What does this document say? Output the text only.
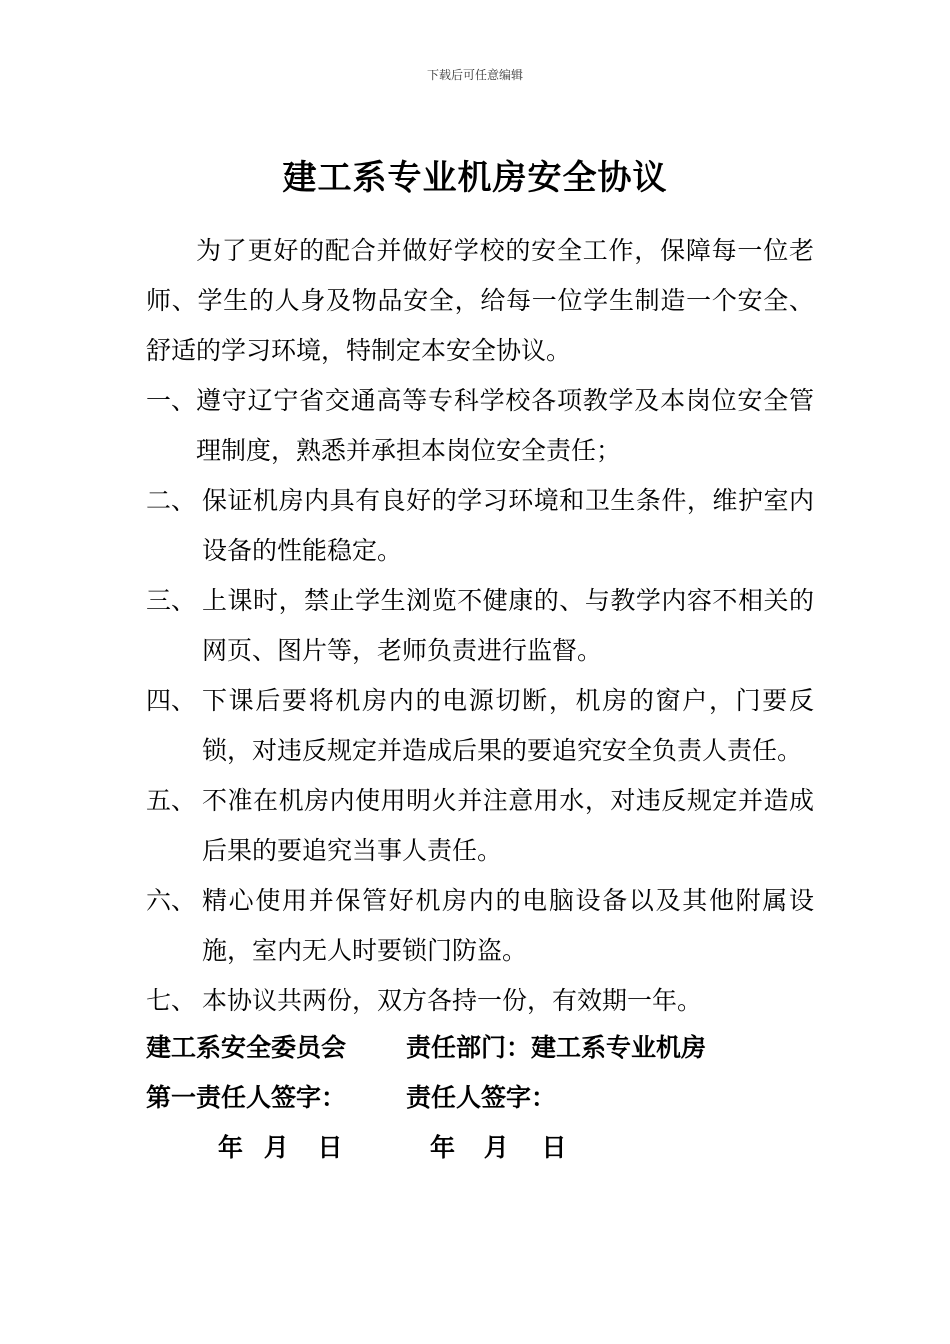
下载后可任意编辑
建工系专业机房安全协议
为了更好的配合并做好学校的安全工作，保障每一位老师、学生的人身及物品安全，给每一位学生制造一个安全、舒适的学习环境，特制定本安全协议。
一、 遵守辽宁省交通高等专科学校各项教学及本岗位安全管理制度，熟悉并承担本岗位安全责任；
二、 保证机房内具有良好的学习环境和卫生条件，维护室内设备的性能稳定。
三、 上课时，禁止学生浏览不健康的、与教学内容不相关的网页、图片等，老师负责进行监督。
四、 下课后要将机房内的电源切断，机房的窗户，门要反锁，对违反规定并造成后果的要追究安全负责人责任。
五、 不准在机房内使用明火并注意用水，对违反规定并造成后果的要追究当事人责任。
六、 精心使用并保管好机房内的电脑设备以及其他附属设施，室内无人时要锁门防盗。
七、 本协议共两份，双方各持一份，有效期一年。
建工系安全委员会 责任部门：建工系专业机房
第一责任人签字： 责任人签字：
年 月 日	年 月 日
